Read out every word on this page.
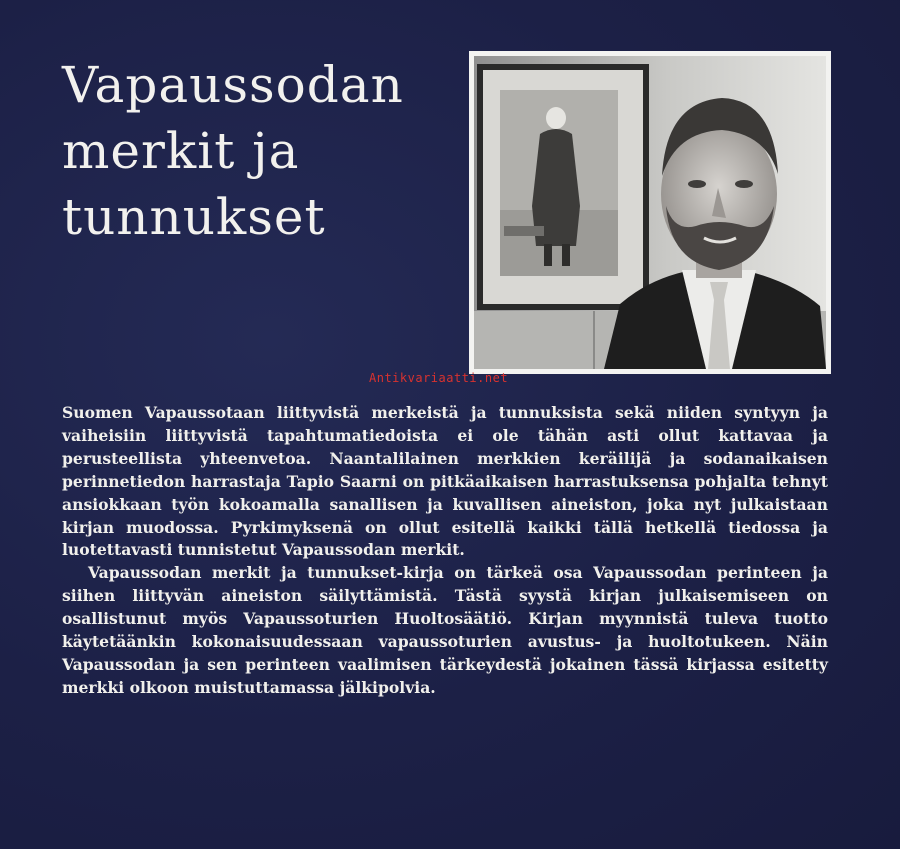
Vapaussodan
merkit ja
tunnukset
Antikvariaatti.net

Suomen Vapaussotaan liittyvistä merkeistä ja tunnuksista sekä niiden syntyyn ja vaiheisiin liittyvistä tapahtumatiedoista ei ole tähän asti ollut kattavaa ja perusteellista yhteenvetoa. Naantalilainen merkkien keräilijä ja sodanaikaisen perinnetiedon harrastaja Tapio Saarni on pitkäaikaisen harrastuksensa pohjalta tehnyt ansiokkaan työn kokoamalla sanallisen ja kuvallisen aineiston, joka nyt julkaistaan kirjan muodossa. Pyrkimyksenä on ollut esitellä kaikki tällä hetkellä tiedossa ja luotettavasti tunnistetut Vapaussodan merkit.

Vapaussodan merkit ja tunnukset-kirja on tärkeä osa Vapaussodan perinteen ja siihen liittyvän aineiston säilyttämistä. Tästä syystä kirjan julkaisemiseen on osallistunut myös Vapaussoturien Huoltosäätiö. Kirjan myynnistä tuleva tuotto käytetäänkin kokonaisuudessaan vapaussoturien avustus- ja huoltotukeen. Näin Vapaussodan ja sen perinteen vaalimisen tärkeydestä jokainen tässä kirjassa esitetty merkki olkoon muistuttamassa jälkipolvia.
